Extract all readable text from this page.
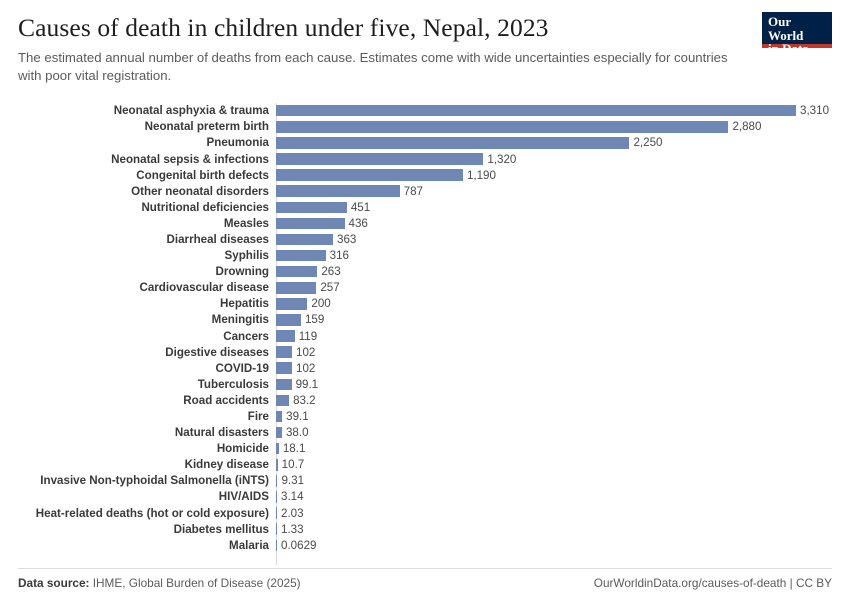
Causes of death in children under five, Nepal, 2023

The estimated annual number of deaths from each cause. Estimates come with wide uncertainties especially for countries with poor vital registration.

Our World
in Data
Neonatal asphyxia & trauma	3,310
Neonatal preterm birth	2,880
Pneumonia	2,250
Neonatal sepsis & infections	1,320
Congenital birth defects	1,190
Other neonatal disorders	787
Nutritional deficiencies	451
Measles	436
Diarrheal diseases	363
Syphilis	316
Drowning	263
Cardiovascular disease	257
Hepatitis	200
Meningitis	159
Cancers	119
Digestive diseases	102
COVID-19	102
Tuberculosis	99.1
Road accidents	83.2
Fire	39.1
Natural disasters	38.0
Homicide	18.1
Kidney disease	10.7
Invasive Non-typhoidal Salmonella (iNTS)	9.31
HIV/AIDS	3.14
Heat-related deaths (hot or cold exposure)	2.03
Diabetes mellitus	1.33
Malaria	0.0629
Data source: IHME, Global Burden of Disease (2025)	OurWorldinData.org/causes-of-death | CC BY
